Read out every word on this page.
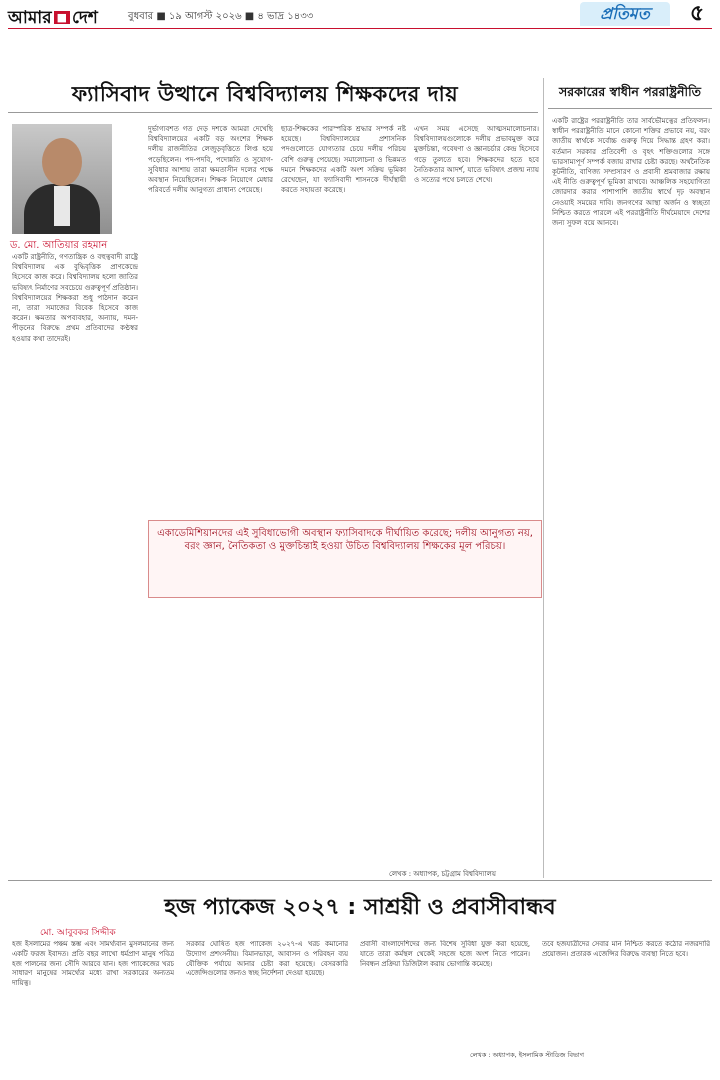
আমার ■ দেশ	বুধবার ■ ১৯ আগস্ট ২০২৬ ■ ৪ ভাদ্র ১৪৩৩	প্রতিমত	৫
ফ্যাসিবাদ উত্থানে বিশ্ববিদ্যালয় শিক্ষকদের দায়
ড. মো. আতিয়ার রহমান

একটি রাষ্ট্রনীতি, গণতান্ত্রিক ও বহুত্ববাদী রাষ্ট্রে বিশ্ববিদ্যালয় এক বুদ্ধিবৃত্তিক প্রাণকেন্দ্রে হিসেবে কাজ করে। বিশ্ববিদ্যালয় হলো জাতির ভবিষ্যৎ নির্মাণের সবচেয়ে গুরুত্বপূর্ণ প্রতিষ্ঠান। বিশ্ববিদ্যালয়ের শিক্ষকরা শুধু পাঠদান করেন না, তারা সমাজের বিবেক হিসেবে কাজ করেন। ক্ষমতার অপব্যবহার, অন্যায়, দমন-পীড়নের বিরুদ্ধে প্রথম প্রতিবাদের কণ্ঠস্বর হওয়ার কথা তাদেরই।

দুর্ভাগ্যবশত গত দেড় দশকে আমরা দেখেছি বিশ্ববিদ্যালয়ের একটি বড় অংশের শিক্ষক দলীয় রাজনীতির লেজুড়বৃত্তিতে লিপ্ত হয়ে পড়েছিলেন। পদ-পদবি, পদোন্নতি ও সুযোগ-সুবিধার আশায় তারা ক্ষমতাসীন দলের পক্ষে অবস্থান নিয়েছিলেন। শিক্ষক নিয়োগে মেধার পরিবর্তে দলীয় আনুগত্য প্রাধান্য পেয়েছে।

ছাত্র-শিক্ষকের পারস্পরিক শ্রদ্ধার সম্পর্ক নষ্ট হয়েছে। বিশ্ববিদ্যালয়ের প্রশাসনিক পদগুলোতে যোগ্যতার চেয়ে দলীয় পরিচয় বেশি গুরুত্ব পেয়েছে। সমালোচনা ও ভিন্নমত দমনে শিক্ষকদের একটি অংশ সক্রিয় ভূমিকা রেখেছেন, যা ফ্যাসিবাদী শাসনকে দীর্ঘস্থায়ী করতে সহায়তা করেছে।

এখন সময় এসেছে আত্মসমালোচনার। বিশ্ববিদ্যালয়গুলোকে দলীয় প্রভাবমুক্ত করে মুক্তচিন্তা, গবেষণা ও জ্ঞানচর্চার কেন্দ্র হিসেবে গড়ে তুলতে হবে। শিক্ষকদের হতে হবে নৈতিকতার আদর্শ, যাতে ভবিষ্যৎ প্রজন্ম ন্যায় ও সত্যের পথে চলতে শেখে।

একাডেমিশিয়ানদের এই সুবিধাভোগী অবস্থান ফ্যাসিবাদকে দীর্ঘায়িত করেছে; দলীয় আনুগত্য নয়, বরং জ্ঞান, নৈতিকতা ও মুক্তচিন্তাই হওয়া উচিত বিশ্ববিদ্যালয় শিক্ষকের মূল পরিচয়।
লেখক : অধ্যাপক, চট্টগ্রাম বিশ্ববিদ্যালয়
সরকারের স্বাধীন পররাষ্ট্রনীতি

একটি রাষ্ট্রের পররাষ্ট্রনীতি তার সার্বভৌমত্বের প্রতিফলন। স্বাধীন পররাষ্ট্রনীতি মানে কোনো শক্তির প্রভাবে নয়, বরং জাতীয় স্বার্থকে সর্বোচ্চ গুরুত্ব দিয়ে সিদ্ধান্ত গ্রহণ করা। বর্তমান সরকার প্রতিবেশী ও বৃহৎ শক্তিগুলোর সঙ্গে ভারসাম্যপূর্ণ সম্পর্ক বজায় রাখার চেষ্টা করছে। অর্থনৈতিক কূটনীতি, বাণিজ্য সম্প্রসারণ ও প্রবাসী শ্রমবাজার রক্ষায় এই নীতি গুরুত্বপূর্ণ ভূমিকা রাখবে। আঞ্চলিক সহযোগিতা জোরদার করার পাশাপাশি জাতীয় স্বার্থে দৃঢ় অবস্থান নেওয়াই সময়ের দাবি। জনগণের আস্থা অর্জন ও স্বচ্ছতা নিশ্চিত করতে পারলে এই পররাষ্ট্রনীতি দীর্ঘমেয়াদে দেশের জন্য সুফল বয়ে আনবে।

হজ প্যাকেজ ২০২৭ : সাশ্রয়ী ও প্রবাসীবান্ধব
মো. আবুবকর সিদ্দীক
হজ ইসলামের পঞ্চম স্তম্ভ এবং সামর্থ্যবান মুসলমানের জন্য একটি ফরজ ইবাদত। প্রতি বছর লাখো ধর্মপ্রাণ মানুষ পবিত্র হজ পালনের জন্য সৌদি আরবে যান। হজ প্যাকেজের খরচ সাধারণ মানুষের সামর্থ্যের মধ্যে রাখা সরকারের অন্যতম দায়িত্ব।
সরকার ঘোষিত হজ প্যাকেজ ২০২৭-এ খরচ কমানোর উদ্যোগ প্রশংসনীয়। বিমানভাড়া, আবাসন ও পরিবহন ব্যয় যৌক্তিক পর্যায়ে আনার চেষ্টা করা হয়েছে। বেসরকারি এজেন্সিগুলোর জন্যও স্বচ্ছ নির্দেশনা দেওয়া হয়েছে।
প্রবাসী বাংলাদেশিদের জন্য বিশেষ সুবিধা যুক্ত করা হয়েছে, যাতে তারা কর্মস্থল থেকেই সহজে হজে অংশ নিতে পারেন। নিবন্ধন প্রক্রিয়া ডিজিটাল করায় ভোগান্তি কমেছে।
তবে হজযাত্রীদের সেবার মান নিশ্চিত করতে কঠোর নজরদারি প্রয়োজন। প্রতারক এজেন্সির বিরুদ্ধে ব্যবস্থা নিতে হবে।
লেখক : অধ্যাপক, ইসলামিক স্টাডিজ বিভাগ
